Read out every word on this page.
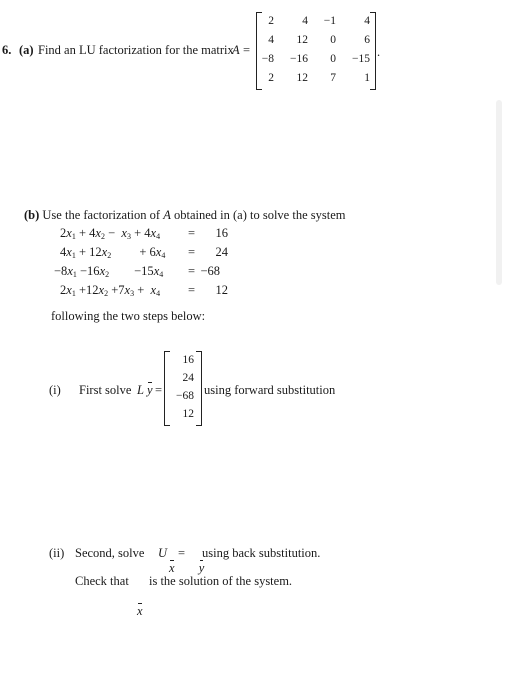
6. (a) Find an LU factorization for the matrix
A =
2 4 −1 4
4 12 0 6
−8 −16 0 −15
2 12 7 1
.
(b) Use the factorization of A obtained in (a) to solve the system
$2x_1 + 4x_2 - x_3 + 4x_4 = 16$
$4x_1 + 12x_2$         + $6x_4 = 24$
$-8x_1 -16x_2$        $-15x_4 = -68$
$2x_1 +12x_2 +7x_3 + x_4 = 12$
following the two steps below:
(i) First solve L y =
16
24
−68
12
using forward substitution
(ii) Second, solve U
x
=
y
using back substitution.
Check that
x
is the solution of the system.
